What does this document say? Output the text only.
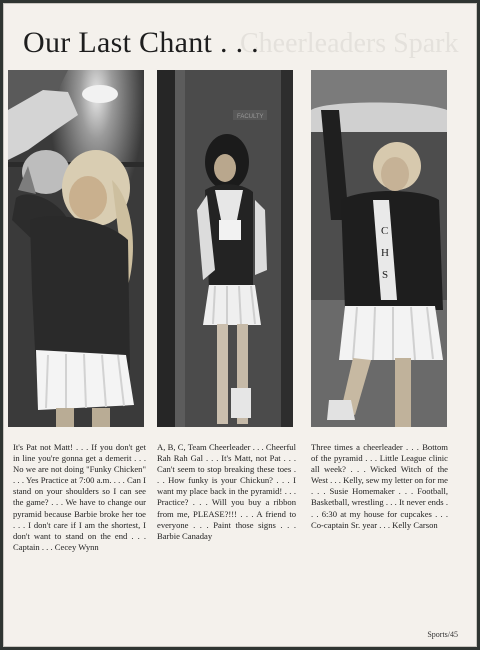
Cheerleaders Spark
Our Last Chant . . .
FACULTY
C
H
S
It's Pat not Matt! . . . If you don't get in line you're gonna get a demerit . . . No we are not doing "Funky Chicken" . . . Yes Practice at 7:00 a.m. . . . Can I stand on your shoulders so I can see the game? . . . We have to change our pyramid because Barbie broke her toe . . . I don't care if I am the shortest, I don't want to stand on the end . . . Captain . . . Cecey Wynn
A, B, C, Team Cheerleader . . . Cheerful Rah Rah Gal . . . It's Matt, not Pat . . . Can't seem to stop breaking these toes . . . How funky is your Chickun? . . . I want my place back in the pyramid! . . . Practice? . . . Will you buy a ribbon from me, PLEASE?!!! . . . A friend to everyone . . . Paint those signs . . . Barbie Canaday
Three times a cheerleader . . . Bottom of the pyramid . . . Little League clinic all week? . . . Wicked Witch of the West . . . Kelly, sew my letter on for me . . . Susie Homemaker . . . Football, Basketball, wrestling . . . It never ends . . . 6:30 at my house for cupcakes . . . Co-captain Sr. year . . . Kelly Carson
Sports/45
